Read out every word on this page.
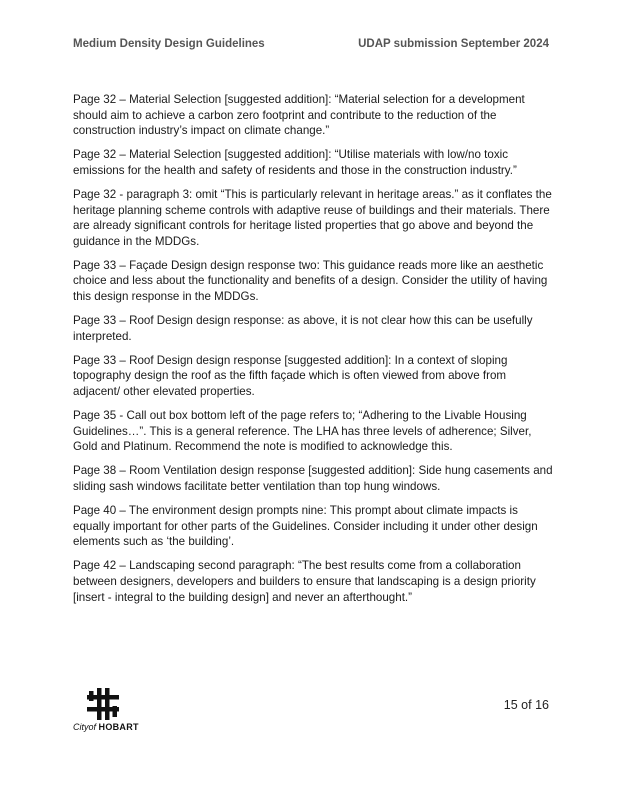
Medium Density Design Guidelines	UDAP submission September 2024

Page 32 – Material Selection [suggested addition]: “Material selection for a development should aim to achieve a carbon zero footprint and contribute to the reduction of the construction industry’s impact on climate change.”

Page 32 – Material Selection [suggested addition]: “Utilise materials with low/no toxic emissions for the health and safety of residents and those in the construction industry.”

Page 32 - paragraph 3: omit “This is particularly relevant in heritage areas.” as it conflates the heritage planning scheme controls with adaptive reuse of buildings and their materials. There are already significant controls for heritage listed properties that go above and beyond the guidance in the MDDGs.

Page 33 – Façade Design design response two: This guidance reads more like an aesthetic choice and less about the functionality and benefits of a design. Consider the utility of having this design response in the MDDGs.

Page 33 – Roof Design design response: as above, it is not clear how this can be usefully interpreted.

Page 33 – Roof Design design response [suggested addition]: In a context of sloping topography design the roof as the fifth façade which is often viewed from above from adjacent/ other elevated properties.

Page 35 - Call out box bottom left of the page refers to; “Adhering to the Livable Housing Guidelines…”. This is a general reference. The LHA has three levels of adherence; Silver, Gold and Platinum. Recommend the note is modified to acknowledge this.

Page 38 – Room Ventilation design response [suggested addition]: Side hung casements and sliding sash windows facilitate better ventilation than top hung windows.

Page 40 – The environment design prompts nine: This prompt about climate impacts is equally important for other parts of the Guidelines. Consider including it under other design elements such as ‘the building’.

Page 42 – Landscaping second paragraph: “The best results come from a collaboration between designers, developers and builders to ensure that landscaping is a design priority [insert - integral to the building design] and never an afterthought.”

Cityof HOBART
15 of 16
